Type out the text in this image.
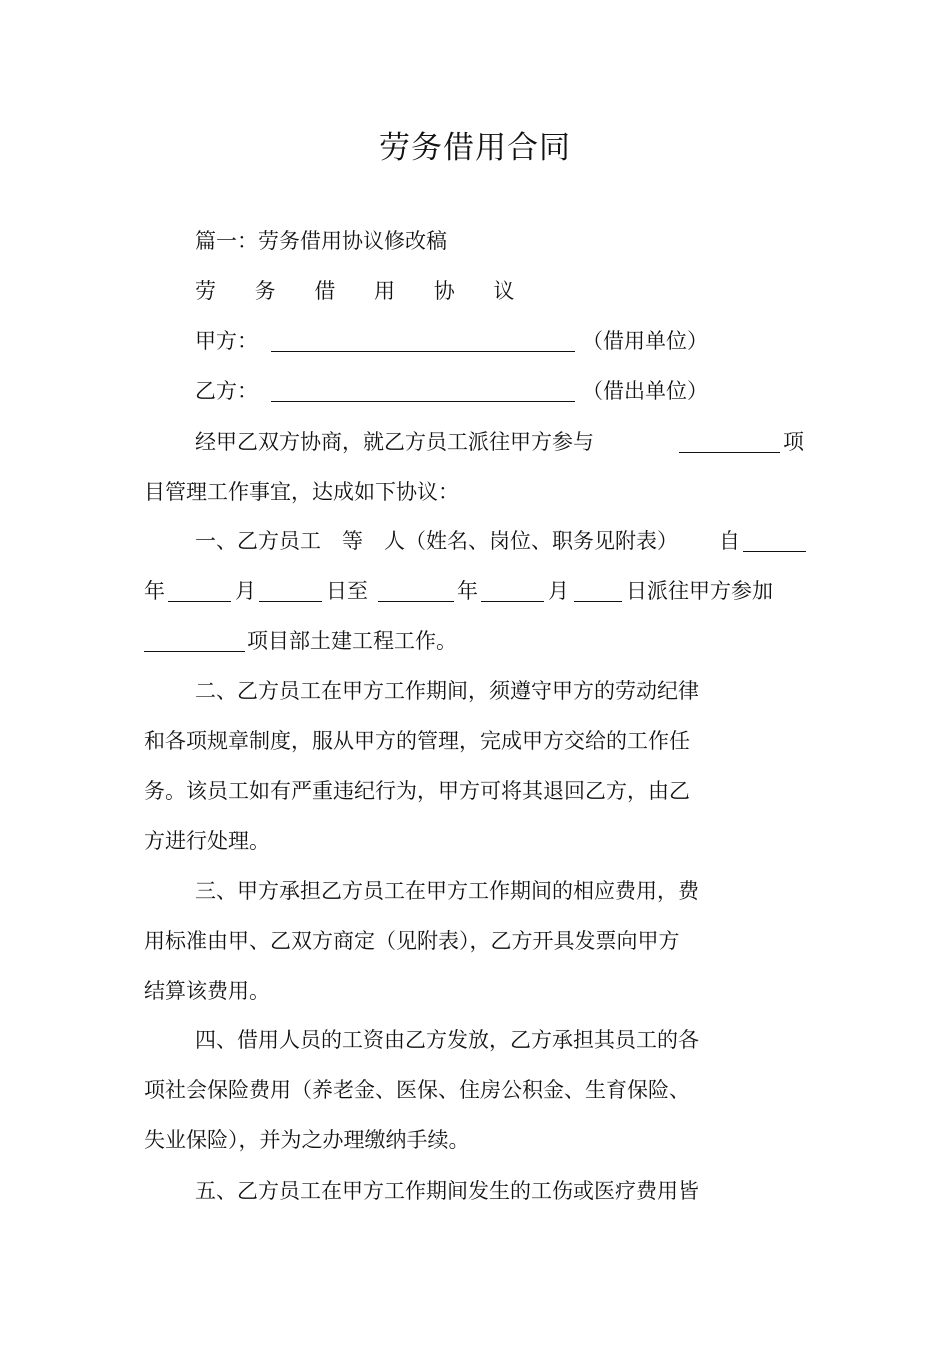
劳务借用合同
篇一：劳务借用协议修改稿
劳 务 借 用 协 议
甲方：	（借用单位）
乙方：	（借出单位）
经甲乙双方协商，就乙方员工派往甲方参与	项
目管理工作事宜，达成如下协议：
一、乙方员工　等　人（姓名、岗位、职务见附表） 自
年	月	日至	年	月	日派往甲方参加
项目部土建工程工作。
二、乙方员工在甲方工作期间，须遵守甲方的劳动纪律
和各项规章制度，服从甲方的管理，完成甲方交给的工作任
务。该员工如有严重违纪行为，甲方可将其退回乙方，由乙
方进行处理。
三、甲方承担乙方员工在甲方工作期间的相应费用，费
用标准由甲、乙双方商定（见附表），乙方开具发票向甲方
结算该费用。
四、借用人员的工资由乙方发放，乙方承担其员工的各
项社会保险费用（养老金、医保、住房公积金、生育保险、
失业保险），并为之办理缴纳手续。
五、乙方员工在甲方工作期间发生的工伤或医疗费用皆
